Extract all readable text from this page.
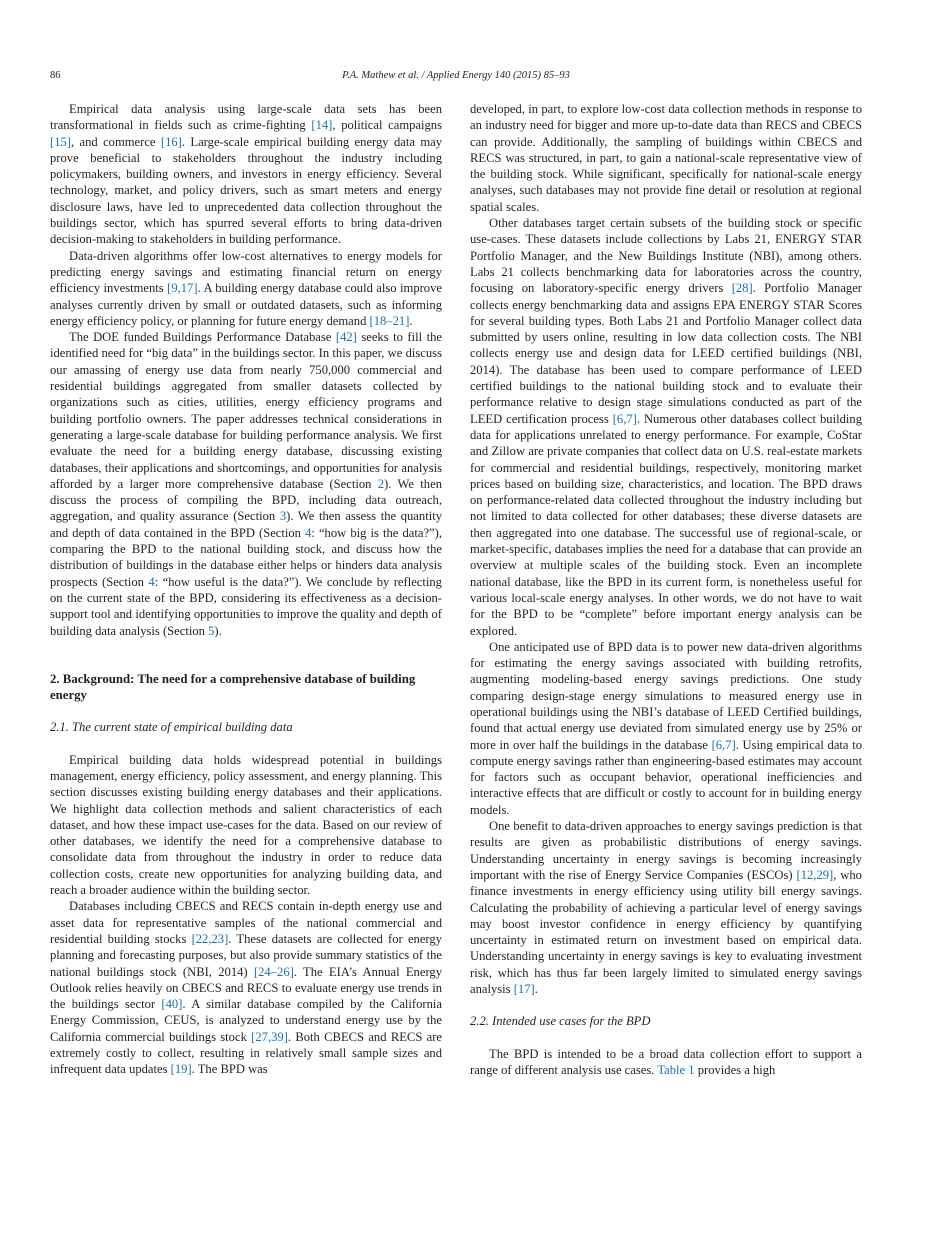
86	P.A. Mathew et al. / Applied Energy 140 (2015) 85–93

Empirical data analysis using large-scale data sets has been transformational in fields such as crime-fighting [14], political campaigns [15], and commerce [16]. Large-scale empirical building energy data may prove beneficial to stakeholders throughout the industry including policymakers, building owners, and investors in energy efficiency. Several technology, market, and policy drivers, such as smart meters and energy disclosure laws, have led to unprecedented data collection throughout the buildings sector, which has spurred several efforts to bring data-driven decision-making to stakeholders in building performance.

Data-driven algorithms offer low-cost alternatives to energy models for predicting energy savings and estimating financial return on energy efficiency investments [9,17]. A building energy database could also improve analyses currently driven by small or outdated datasets, such as informing energy efficiency policy, or planning for future energy demand [18–21].

The DOE funded Buildings Performance Database [42] seeks to fill the identified need for “big data” in the buildings sector. In this paper, we discuss our amassing of energy use data from nearly 750,000 commercial and residential buildings aggregated from smaller datasets collected by organizations such as cities, utilities, energy efficiency programs and building portfolio owners. The paper addresses technical considerations in generating a large-scale database for building performance analysis. We first evaluate the need for a building energy database, discussing existing databases, their applications and shortcomings, and opportunities for analysis afforded by a larger more comprehensive database (Section 2). We then discuss the process of compiling the BPD, including data outreach, aggregation, and quality assurance (Section 3). We then assess the quantity and depth of data contained in the BPD (Section 4: “how big is the data?”), comparing the BPD to the national building stock, and discuss how the distribution of buildings in the database either helps or hinders data analysis prospects (Section 4: “how useful is the data?”). We conclude by reflecting on the current state of the BPD, considering its effectiveness as a decision-support tool and identifying opportunities to improve the quality and depth of building data analysis (Section 5).

2. Background: The need for a comprehensive database of building energy
2.1. The current state of empirical building data

Empirical building data holds widespread potential in buildings management, energy efficiency, policy assessment, and energy planning. This section discusses existing building energy databases and their applications. We highlight data collection methods and salient characteristics of each dataset, and how these impact use-cases for the data. Based on our review of other databases, we identify the need for a comprehensive database to consolidate data from throughout the industry in order to reduce data collection costs, create new opportunities for analyzing building data, and reach a broader audience within the building sector.

Databases including CBECS and RECS contain in-depth energy use and asset data for representative samples of the national commercial and residential building stocks [22,23]. These datasets are collected for energy planning and forecasting purposes, but also provide summary statistics of the national buildings stock (NBI, 2014) [24–26]. The EIA’s Annual Energy Outlook relies heavily on CBECS and RECS to evaluate energy use trends in the buildings sector [40]. A similar database compiled by the California Energy Commission, CEUS, is analyzed to understand energy use by the California commercial buildings stock [27,39]. Both CBECS and RECS are extremely costly to collect, resulting in relatively small sample sizes and infrequent data updates [19]. The BPD was

developed, in part, to explore low-cost data collection methods in response to an industry need for bigger and more up-to-date data than RECS and CBECS can provide. Additionally, the sampling of buildings within CBECS and RECS was structured, in part, to gain a national-scale representative view of the building stock. While significant, specifically for national-scale energy analyses, such databases may not provide fine detail or resolution at regional spatial scales.

Other databases target certain subsets of the building stock or specific use-cases. These datasets include collections by Labs 21, ENERGY STAR Portfolio Manager, and the New Buildings Institute (NBI), among others. Labs 21 collects benchmarking data for laboratories across the country, focusing on laboratory-specific energy drivers [28]. Portfolio Manager collects energy benchmarking data and assigns EPA ENERGY STAR Scores for several building types. Both Labs 21 and Portfolio Manager collect data submitted by users online, resulting in low data collection costs. The NBI collects energy use and design data for LEED certified buildings (NBI, 2014). The database has been used to compare performance of LEED certified buildings to the national building stock and to evaluate their performance relative to design stage simulations conducted as part of the LEED certification process [6,7]. Numerous other databases collect building data for applications unrelated to energy performance. For example, CoStar and Zillow are private companies that collect data on U.S. real-estate markets for commercial and residential buildings, respectively, monitoring market prices based on building size, characteristics, and location. The BPD draws on performance-related data collected throughout the industry including but not limited to data collected for other databases; these diverse datasets are then aggregated into one database. The successful use of regional-scale, or market-specific, databases implies the need for a database that can provide an overview at multiple scales of the building stock. Even an incomplete national database, like the BPD in its current form, is nonetheless useful for various local-scale energy analyses. In other words, we do not have to wait for the BPD to be “complete” before important energy analysis can be explored.

One anticipated use of BPD data is to power new data-driven algorithms for estimating the energy savings associated with building retrofits, augmenting modeling-based energy savings predictions. One study comparing design-stage energy simulations to measured energy use in operational buildings using the NBI’s database of LEED Certified buildings, found that actual energy use deviated from simulated energy use by 25% or more in over half the buildings in the database [6,7]. Using empirical data to compute energy savings rather than engineering-based estimates may account for factors such as occupant behavior, operational inefficiencies and interactive effects that are difficult or costly to account for in building energy models.

One benefit to data-driven approaches to energy savings prediction is that results are given as probabilistic distributions of energy savings. Understanding uncertainty in energy savings is becoming increasingly important with the rise of Energy Service Companies (ESCOs) [12,29], who finance investments in energy efficiency using utility bill energy savings. Calculating the probability of achieving a particular level of energy savings may boost investor confidence in energy efficiency by quantifying uncertainty in estimated return on investment based on empirical data. Understanding uncertainty in energy savings is key to evaluating investment risk, which has thus far been largely limited to simulated energy savings analysis [17].

2.2. Intended use cases for the BPD

The BPD is intended to be a broad data collection effort to support a range of different analysis use cases. Table 1 provides a high
